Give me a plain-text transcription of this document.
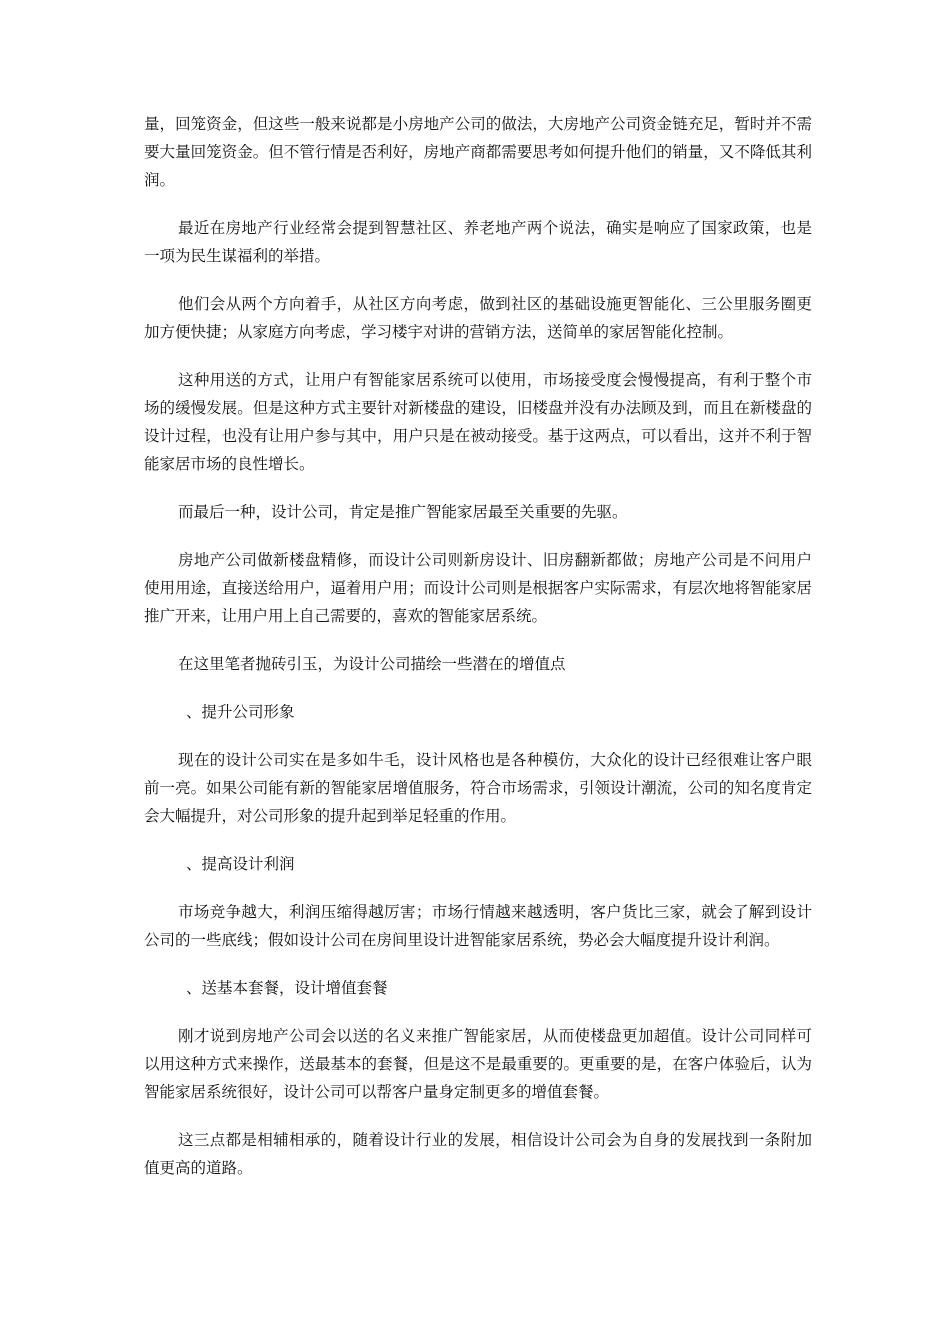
量，回笼资金，但这些一般来说都是小房地产公司的做法，大房地产公司资金链充足，暂时并不需要大量回笼资金。但不管行情是否利好，房地产商都需要思考如何提升他们的销量，又不降低其利润。

最近在房地产行业经常会提到智慧社区、养老地产两个说法，确实是响应了国家政策，也是一项为民生谋福利的举措。

他们会从两个方向着手，从社区方向考虑，做到社区的基础设施更智能化、三公里服务圈更加方便快捷；从家庭方向考虑，学习楼宇对讲的营销方法，送简单的家居智能化控制。

这种用送的方式，让用户有智能家居系统可以使用，市场接受度会慢慢提高，有利于整个市场的缓慢发展。但是这种方式主要针对新楼盘的建设，旧楼盘并没有办法顾及到，而且在新楼盘的设计过程，也没有让用户参与其中，用户只是在被动接受。基于这两点，可以看出，这并不利于智能家居市场的良性增长。

而最后一种，设计公司，肯定是推广智能家居最至关重要的先驱。

房地产公司做新楼盘精修，而设计公司则新房设计、旧房翻新都做；房地产公司是不问用户使用用途，直接送给用户，逼着用户用；而设计公司则是根据客户实际需求，有层次地将智能家居推广开来，让用户用上自己需要的，喜欢的智能家居系统。

在这里笔者抛砖引玉，为设计公司描绘一些潜在的增值点

、提升公司形象

现在的设计公司实在是多如牛毛，设计风格也是各种模仿，大众化的设计已经很难让客户眼前一亮。如果公司能有新的智能家居增值服务，符合市场需求，引领设计潮流，公司的知名度肯定会大幅提升，对公司形象的提升起到举足轻重的作用。

、提高设计利润

市场竞争越大，利润压缩得越厉害；市场行情越来越透明，客户货比三家，就会了解到设计公司的一些底线；假如设计公司在房间里设计进智能家居系统，势必会大幅度提升设计利润。

、送基本套餐，设计增值套餐

刚才说到房地产公司会以送的名义来推广智能家居，从而使楼盘更加超值。设计公司同样可以用这种方式来操作，送最基本的套餐，但是这不是最重要的。更重要的是，在客户体验后，认为智能家居系统很好，设计公司可以帮客户量身定制更多的增值套餐。

这三点都是相辅相承的，随着设计行业的发展，相信设计公司会为自身的发展找到一条附加值更高的道路。
